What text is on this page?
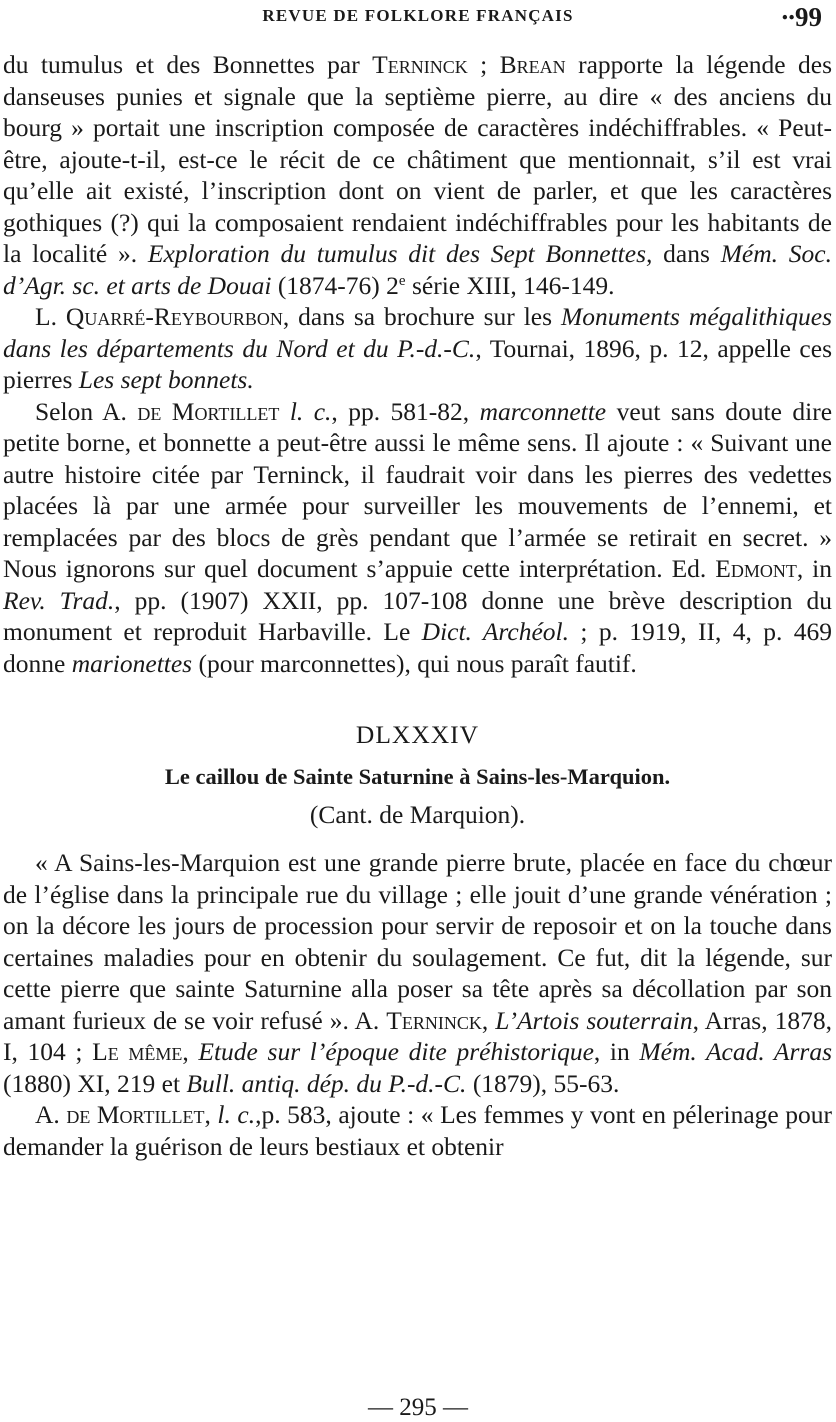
REVUE DE FOLKLORE FRANÇAIS	∙∙99

du tumulus et des Bonnettes par Terninck ; Brean rapporte la légende des danseuses punies et signale que la septième pierre, au dire « des anciens du bourg » portait une inscription composée de caractères indéchiffrables. « Peut-être, ajoute-t-il, est-ce le récit de ce châtiment que mentionnait, s’il est vrai qu’elle ait existé, l’inscription dont on vient de parler, et que les caractères gothiques (?) qui la composaient rendaient indéchiffrables pour les habitants de la localité ». Exploration du tumulus dit des Sept Bonnettes, dans Mém. Soc. d’Agr. sc. et arts de Douai (1874-76) 2e série XIII, 146-149.

L. Quarré-Reybourbon, dans sa brochure sur les Monuments mégalithiques dans les départements du Nord et du P.-d.-C., Tournai, 1896, p. 12, appelle ces pierres Les sept bonnets.

Selon A. de Mortillet l. c., pp. 581-82, marconnette veut sans doute dire petite borne, et bonnette a peut-être aussi le même sens. Il ajoute : « Suivant une autre histoire citée par Terninck, il faudrait voir dans les pierres des vedettes placées là par une armée pour surveiller les mouvements de l’ennemi, et remplacées par des blocs de grès pendant que l’armée se retirait en secret. » Nous ignorons sur quel document s’appuie cette interprétation. Ed. Edmont, in Rev. Trad., pp. (1907) XXII, pp. 107-108 donne une brève description du monument et reproduit Harbaville. Le Dict. Archéol. ; p. 1919, II, 4, p. 469 donne marionettes (pour marconnettes), qui nous paraît fautif.

DLXXXIV
Le caillou de Sainte Saturnine à Sains-les-Marquion.
(Cant. de Marquion).

« A Sains-les-Marquion est une grande pierre brute, placée en face du chœur de l’église dans la principale rue du village ; elle jouit d’une grande vénération ; on la décore les jours de procession pour servir de reposoir et on la touche dans certaines maladies pour en obtenir du soulagement. Ce fut, dit la légende, sur cette pierre que sainte Saturnine alla poser sa tête après sa décollation par son amant furieux de se voir refusé ». A. Terninck, L’Artois souterrain, Arras, 1878, I, 104 ; Le même, Etude sur l’époque dite préhistorique, in Mém. Acad. Arras (1880) XI, 219 et Bull. antiq. dép. du P.-d.-C. (1879), 55-63.

A. de Mortillet, l. c.,p. 583, ajoute : « Les femmes y vont en pélerinage pour demander la guérison de leurs bestiaux et obtenir

— 295 —
